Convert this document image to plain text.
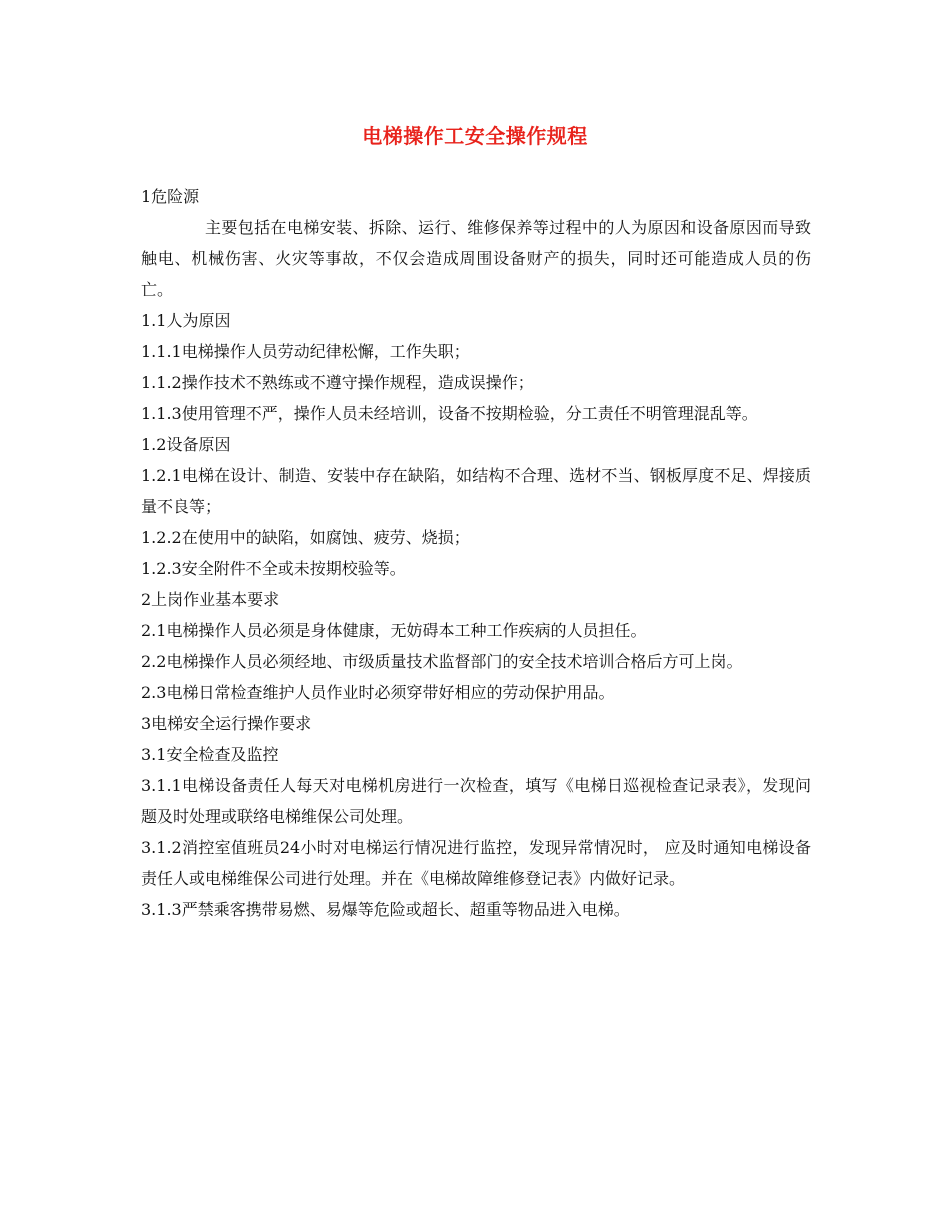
电梯操作工安全操作规程

1危险源

主要包括在电梯安装、拆除、运行、维修保养等过程中的人为原因和设备原因而导致触电、机械伤害、火灾等事故，不仅会造成周围设备财产的损失，同时还可能造成人员的伤亡。

1.1人为原因

1.1.1电梯操作人员劳动纪律松懈，工作失职；

1.1.2操作技术不熟练或不遵守操作规程，造成误操作；

1.1.3使用管理不严，操作人员未经培训，设备不按期检验，分工责任不明管理混乱等。

1.2设备原因

1.2.1电梯在设计、制造、安装中存在缺陷，如结构不合理、选材不当、钢板厚度不足、焊接质量不良等；

1.2.2在使用中的缺陷，如腐蚀、疲劳、烧损；

1.2.3安全附件不全或未按期校验等。

2上岗作业基本要求

2.1电梯操作人员必须是身体健康，无妨碍本工种工作疾病的人员担任。

2.2电梯操作人员必须经地、市级质量技术监督部门的安全技术培训合格后方可上岗。

2.3电梯日常检查维护人员作业时必须穿带好相应的劳动保护用品。

3电梯安全运行操作要求

3.1安全检查及监控

3.1.1电梯设备责任人每天对电梯机房进行一次检查，填写《电梯日巡视检查记录表》，发现问题及时处理或联络电梯维保公司处理。

3.1.2消控室值班员24小时对电梯运行情况进行监控，发现异常情况时， 应及时通知电梯设备责任人或电梯维保公司进行处理。并在《电梯故障维修登记表》内做好记录。

3.1.3严禁乘客携带易燃、易爆等危险或超长、超重等物品进入电梯。
